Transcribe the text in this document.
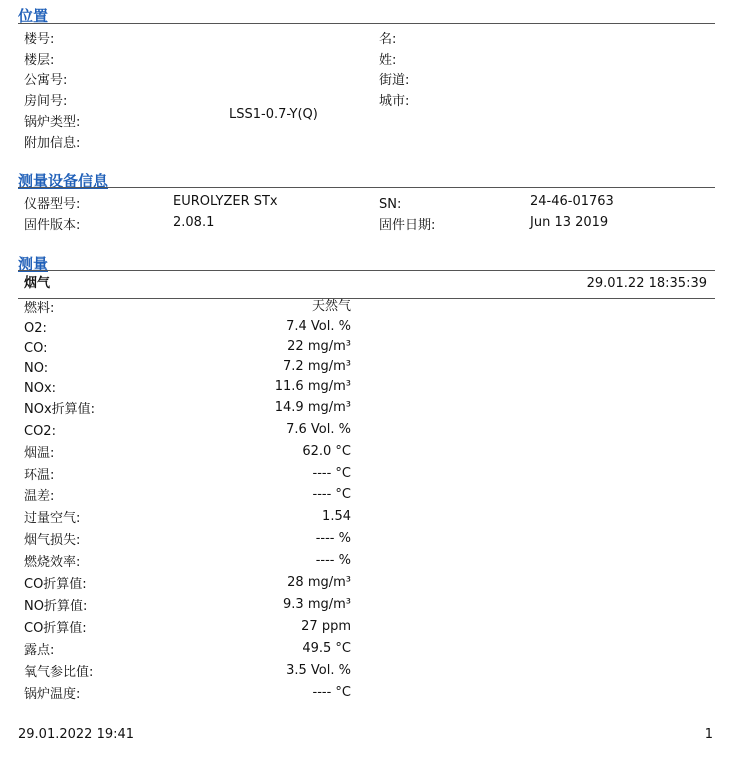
位置
楼号:
楼层:
公寓号:
房间号:
锅炉类型:
LSS1-0.7-Y(Q)
附加信息:
名:
姓:
街道:
城市:
测量设备信息
仪器型号:	EUROLYZER STx	SN:	24-46-01763
固件版本:	2.08.1	固件日期:	Jun 13 2019
测量
烟气	29.01.22 18:35:39
燃料:	天然气
O2:	7.4 Vol. %
CO:	22 mg/m³
NO:	7.2 mg/m³
NOx:	11.6 mg/m³
NOx折算值:	14.9 mg/m³
CO2:	7.6 Vol. %
烟温:	62.0 °C
环温:	---- °C
温差:	---- °C
过量空气:	1.54
烟气损失:	---- %
燃烧效率:	---- %
CO折算值:	28 mg/m³
NO折算值:	9.3 mg/m³
CO折算值:	27 ppm
露点:	49.5 °C
氧气参比值:	3.5 Vol. %
锅炉温度:	---- °C
29.01.2022 19:41	1
